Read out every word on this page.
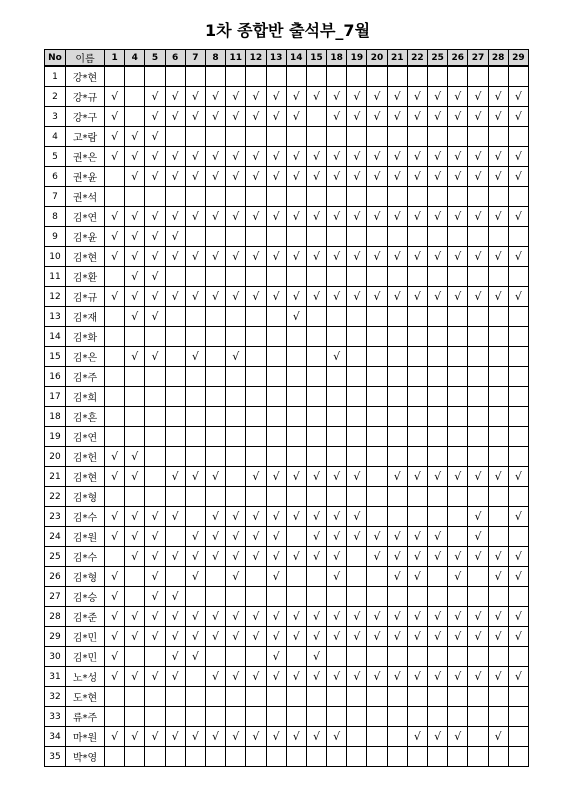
1차 종합반 출석부_7월
No	이름	1	4	5	6	7	8	11	12	13	14	15	18	19	20	21	22	25	26	27	28	29
1	강*현																					
2	강*규	√		√	√	√	√	√	√	√	√	√	√	√	√	√	√	√	√	√	√	√
3	강*구	√		√	√	√	√	√	√	√	√		√	√	√	√	√	√	√	√	√	√
4	고*람	√	√	√																		
5	권*은	√	√	√	√	√	√	√	√	√	√	√	√	√	√	√	√	√	√	√	√	√
6	권*윤		√	√	√	√	√	√	√	√	√	√	√	√	√	√	√	√	√	√	√	√
7	권*석																					
8	김*연	√	√	√	√	√	√	√	√	√	√	√	√	√	√	√	√	√	√	√	√	√
9	김*윤	√	√	√	√																	
10	김*현	√	√	√	√	√	√	√	√	√	√	√	√	√	√	√	√	√	√	√	√	√
11	김*환		√	√																		
12	김*규	√	√	√	√	√	√	√	√	√	√	√	√	√	√	√	√	√	√	√	√	√
13	김*재		√	√							√											
14	김*화																					
15	김*은		√	√		√		√					√									
16	김*주																					
17	김*희																					
18	김*흔																					
19	김*연																					
20	김*헌	√	√																			
21	김*현	√	√		√	√	√		√	√	√	√	√	√		√	√	√	√	√	√	√
22	김*형																					
23	김*수	√	√	√	√		√	√	√	√	√	√	√	√						√		√
24	김*원	√	√	√		√	√	√	√	√		√	√	√	√	√	√	√		√		
25	김*수		√	√	√	√	√	√	√	√	√	√	√		√	√	√	√	√	√	√	√
26	김*형	√		√		√		√		√			√			√	√		√		√	√
27	김*승	√		√	√																	
28	김*준	√	√	√	√	√	√	√	√	√	√	√	√	√	√	√	√	√	√	√	√	√
29	김*민	√	√	√	√	√	√	√	√	√	√	√	√	√	√	√	√	√	√	√	√	√
30	김*민	√			√	√				√		√										
31	노*성	√	√	√	√		√	√	√	√	√	√	√	√	√	√	√	√	√	√	√	√
32	도*현																					
33	류*주																					
34	마*원	√	√	√	√	√	√	√	√	√	√	√	√				√	√	√		√	
35	박*영																					
